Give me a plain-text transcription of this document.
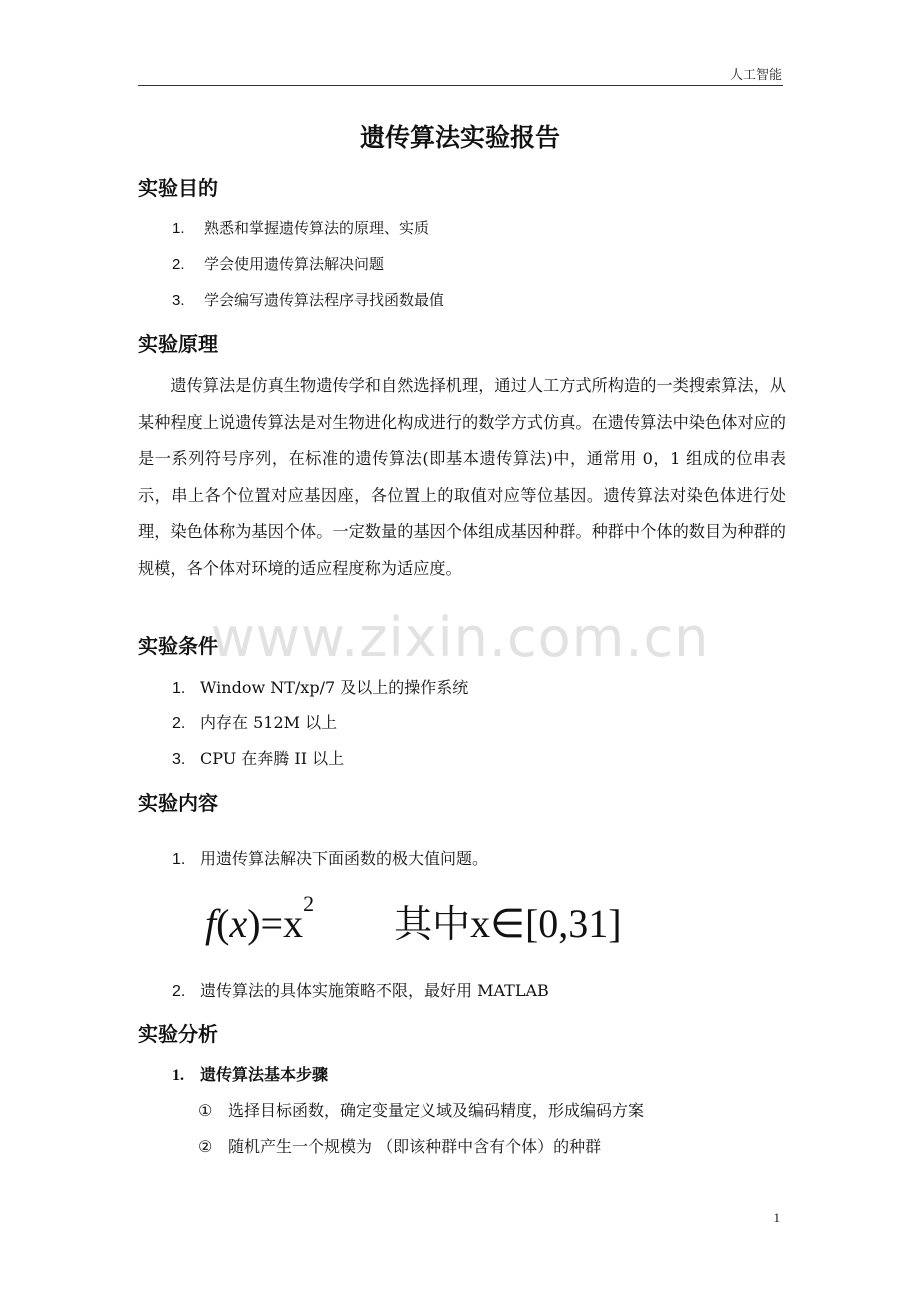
人工智能
遗传算法实验报告
实验目的
1. 熟悉和掌握遗传算法的原理、实质
2. 学会使用遗传算法解决问题
3. 学会编写遗传算法程序寻找函数最值
实验原理

遗传算法是仿真生物遗传学和自然选择机理，通过人工方式所构造的一类搜索算法，从某种程度上说遗传算法是对生物进化构成进行的数学方式仿真。在遗传算法中染色体对应的是一系列符号序列，在标准的遗传算法(即基本遗传算法)中，通常用 0，1 组成的位串表示，串上各个位置对应基因座，各位置上的取值对应等位基因。遗传算法对染色体进行处理，染色体称为基因个体。一定数量的基因个体组成基因种群。种群中个体的数目为种群的规模，各个体对环境的适应程度称为适应度。

www.zixin.com.cn
实验条件
1. Window NT/xp/7 及以上的操作系统
2. 内存在 512M 以上
3. CPU 在奔腾 II 以上
实验内容
1. 用遗传算法解决下面函数的极大值问题。
$f(x)=x^2$ 其中x∈[0,31]
2. 遗传算法的具体实施策略不限，最好用 MATLAB
实验分析
1. 遗传算法基本步骤
① 选择目标函数，确定变量定义域及编码精度，形成编码方案
② 随机产生一个规模为 （即该种群中含有个体）的种群
1
